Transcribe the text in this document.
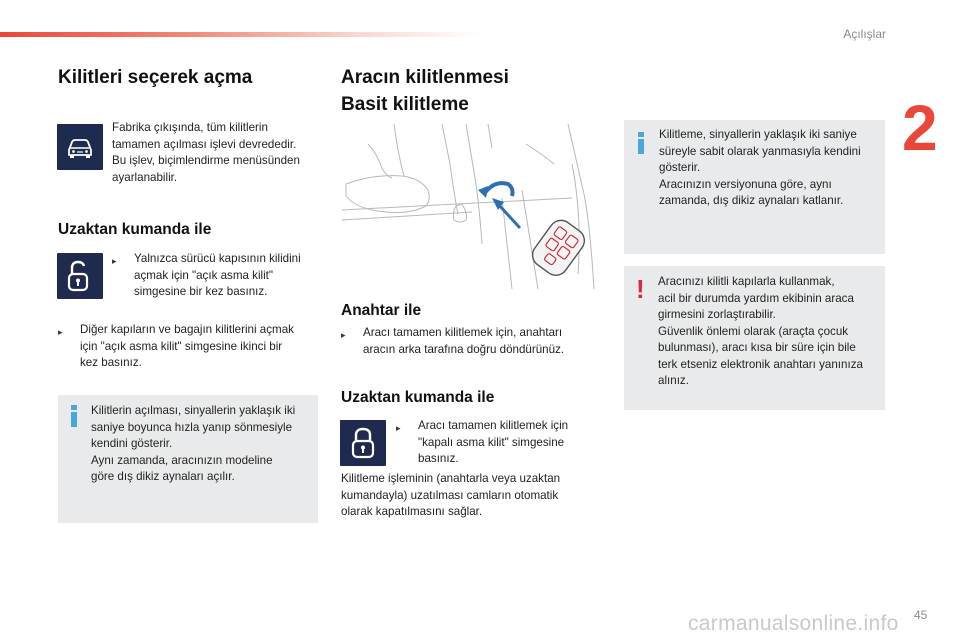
Açılışlar
2
Kilitleri seçerek açma
Fabrika çıkışında, tüm kilitlerin
tamamen açılması işlevi devrededir.
Bu işlev, biçimlendirme menüsünden
ayarlanabilir.
Uzaktan kumanda ile
▸ Yalnızca sürücü kapısının kilidini
açmak için "açık asma kilit"
simgesine bir kez basınız.
▸ Diğer kapıların ve bagajın kilitlerini açmak
için "açık asma kilit" simgesine ikinci bir
kez basınız.
Kilitlerin açılması, sinyallerin yaklaşık iki
saniye boyunca hızla yanıp sönmesiyle
kendini gösterir.
Aynı zamanda, aracınızın modeline
göre dış dikiz aynaları açılır.
Aracın kilitlenmesi
Basit kilitleme
Anahtar ile
▸ Aracı tamamen kilitlemek için, anahtarı
aracın arka tarafına doğru döndürünüz.
Uzaktan kumanda ile
▸ Aracı tamamen kilitlemek için
"kapalı asma kilit" simgesine
basınız.
Kilitleme işleminin (anahtarla veya uzaktan
kumandayla) uzatılması camların otomatik
olarak kapatılmasını sağlar.
Kilitleme, sinyallerin yaklaşık iki saniye
süreyle sabit olarak yanmasıyla kendini
gösterir.
Aracınızın versiyonuna göre, aynı
zamanda, dış dikiz aynaları katlanır.
! Aracınızı kilitli kapılarla kullanmak,
acil bir durumda yardım ekibinin araca
girmesini zorlaştırabilir.
Güvenlik önlemi olarak (araçta çocuk
bulunması), aracı kısa bir süre için bile
terk etseniz elektronik anahtarı yanınıza
alınız.
carmanualsonline.info 45
